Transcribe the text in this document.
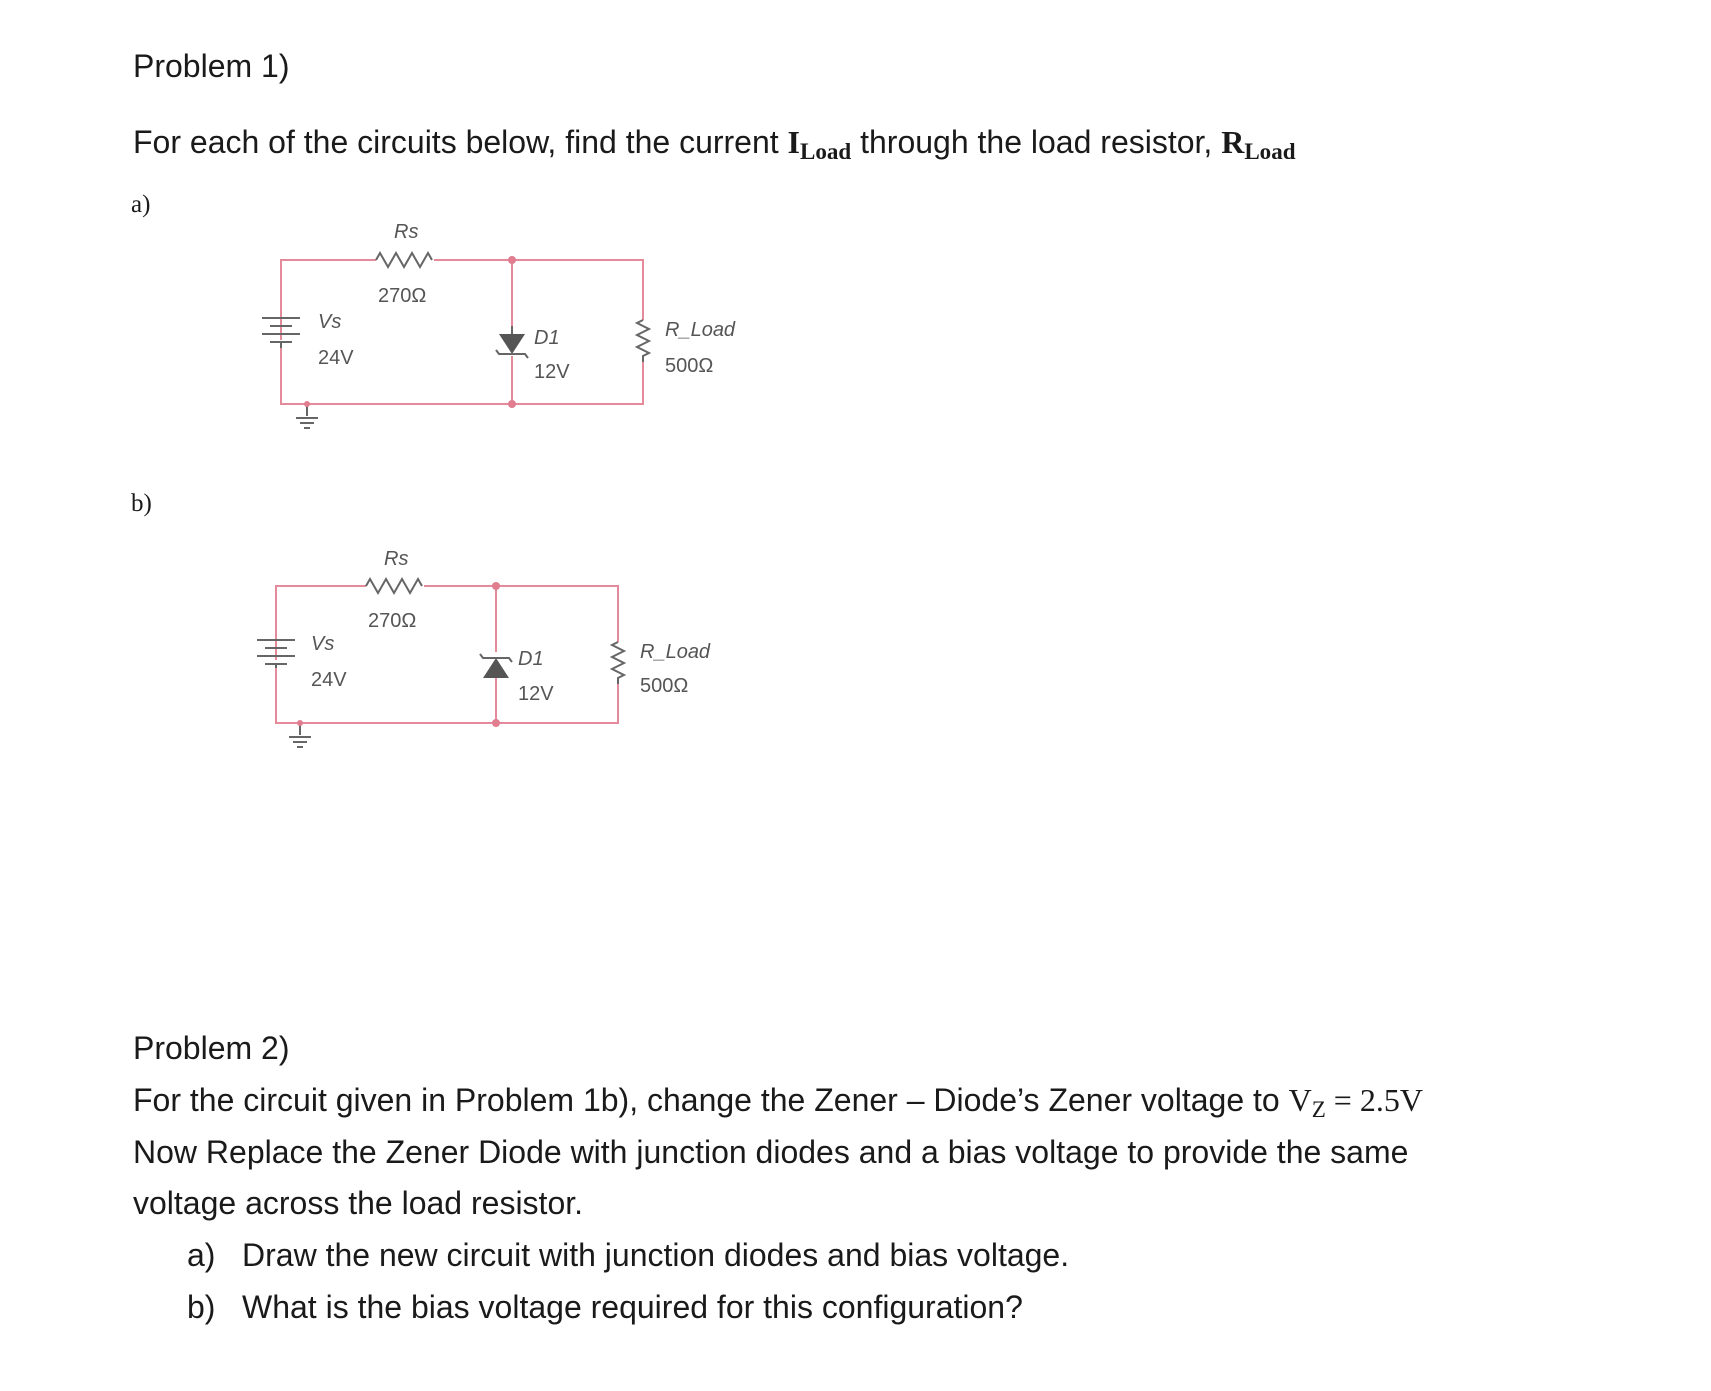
Problem 1)
For each of the circuits below, find the current $I_{Load}$ through the load resistor, $R_{Load}$
a)
b)
Rs
270Ω
Vs
24V
D1
12V
R_Load
500Ω
Rs
270Ω
Vs
24V
D1
12V
R_Load
500Ω
Problem 2)
For the circuit given in Problem 1b), change the Zener – Diode’s Zener voltage to $V_Z = 2.5V$
Now Replace the Zener Diode with junction diodes and a bias voltage to provide the same
voltage across the load resistor.
a) Draw the new circuit with junction diodes and bias voltage.
b) What is the bias voltage required for this configuration?
